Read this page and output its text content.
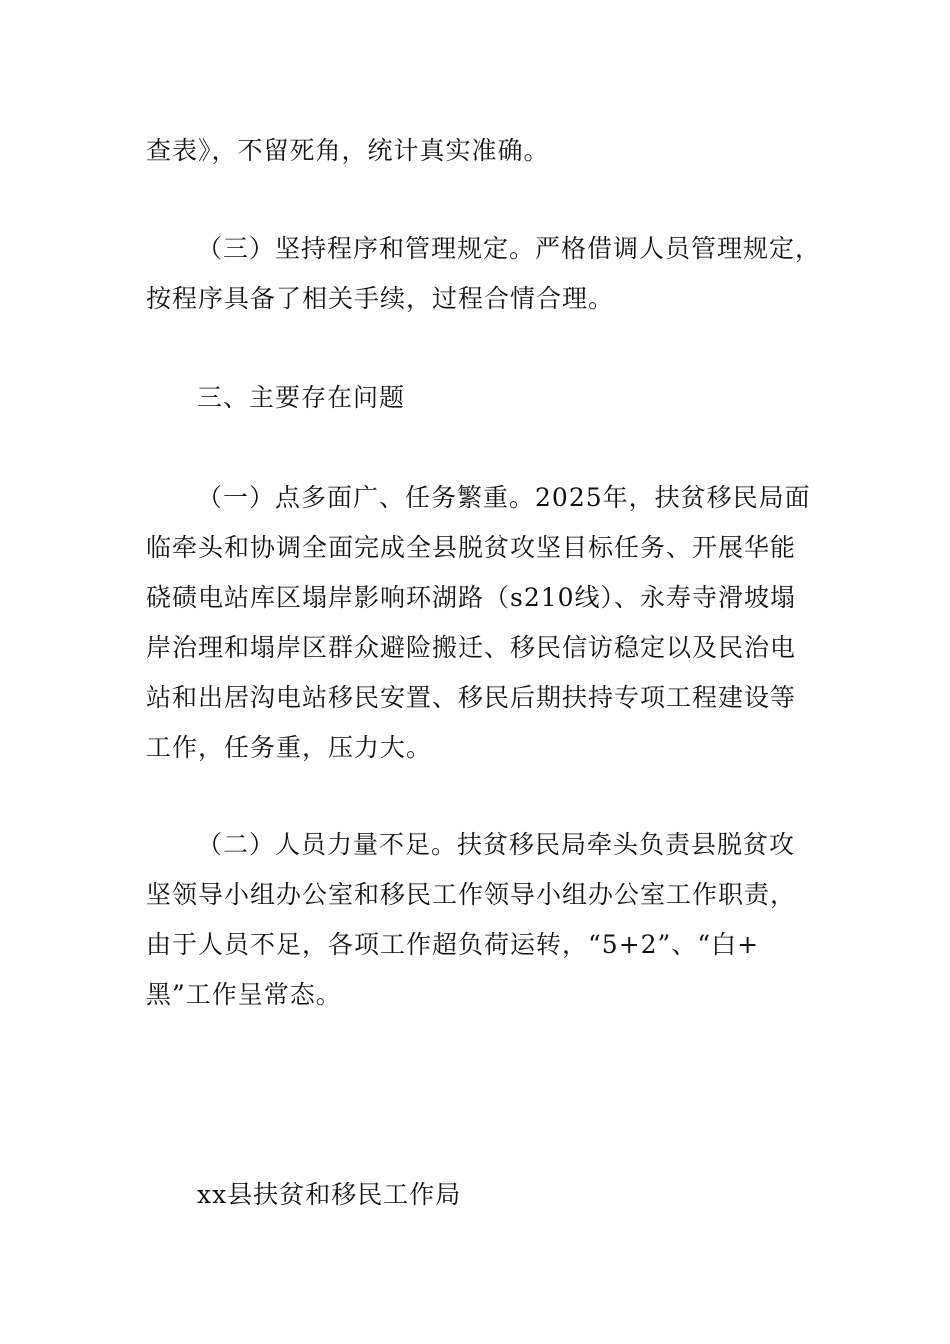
查表》，不留死角，统计真实准确。
（三）坚持程序和管理规定。严格借调人员管理规定，
按程序具备了相关手续，过程合情合理。
三、主要存在问题
（一）点多面广、任务繁重。2025年，扶贫移民局面
临牵头和协调全面完成全县脱贫攻坚目标任务、开展华能
硗碛电站库区塌岸影响环湖路（s210线）、永寿寺滑坡塌
岸治理和塌岸区群众避险搬迁、移民信访稳定以及民治电
站和出居沟电站移民安置、移民后期扶持专项工程建设等
工作，任务重，压力大。
（二）人员力量不足。扶贫移民局牵头负责县脱贫攻
坚领导小组办公室和移民工作领导小组办公室工作职责，
由于人员不足，各项工作超负荷运转，“5+2”、“白+
黑”工作呈常态。
xx县扶贫和移民工作局
